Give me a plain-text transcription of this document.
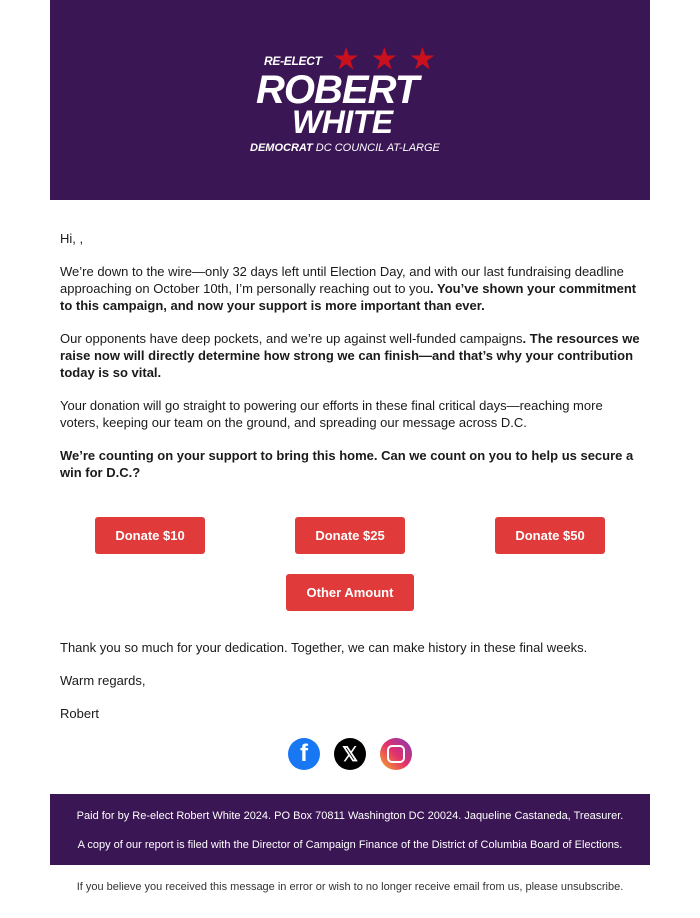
RE-ELECT ★★★
ROBERT
WHITE
DEMOCRAT DC COUNCIL AT-LARGE

Hi, ,

We’re down to the wire—only 32 days left until Election Day, and with our last fundraising deadline approaching on October 10th, I’m personally reaching out to you. You’ve shown your commitment to this campaign, and now your support is more important than ever.

Our opponents have deep pockets, and we’re up against well-funded campaigns. The resources we raise now will directly determine how strong we can finish—and that’s why your contribution today is so vital.

Your donation will go straight to powering our efforts in these final critical days—reaching more voters, keeping our team on the ground, and spreading our message across D.C.

We’re counting on your support to bring this home. Can we count on you to help us secure a win for D.C.?

Donate $10	Donate $25	Donate $50
Other Amount

Thank you so much for your dedication. Together, we can make history in these final weeks.

Warm regards,

Robert

f	𝕏

Paid for by Re-elect Robert White 2024. PO Box 70811 Washington DC 20024. Jaqueline Castaneda, Treasurer.

A copy of our report is filed with the Director of Campaign Finance of the District of Columbia Board of Elections.

If you believe you received this message in error or wish to no longer receive email from us, please unsubscribe.
